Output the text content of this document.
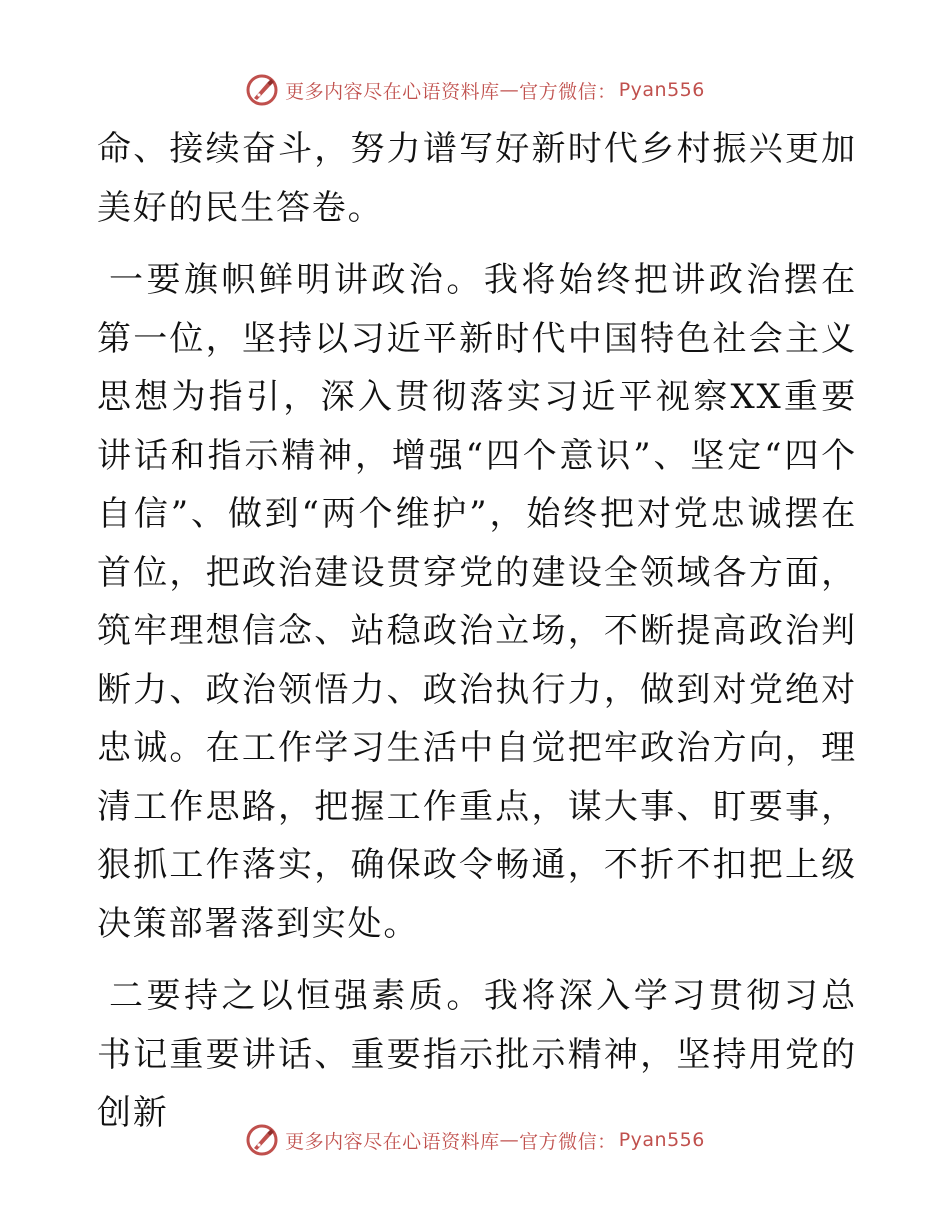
更多内容尽在心语资料库 — 官方微信： Pyan556

命、接续奋斗，努力谱写好新时代乡村振兴更加美好的民生答卷。

一要旗帜鲜明讲政治。我将始终把讲政治摆在第一位，坚持以习近平新时代中国特色社会主义思想为指引，深入贯彻落实习近平视察XX重要讲话和指示精神，增强“四个意识”、坚定“四个自信”、做到“两个维护”，始终把对党忠诚摆在首位，把政治建设贯穿党的建设全领域各方面，筑牢理想信念、站稳政治立场，不断提高政治判断力、政治领悟力、政治执行力，做到对党绝对忠诚。在工作学习生活中自觉把牢政治方向，理清工作思路，把握工作重点，谋大事、盯要事，狠抓工作落实，确保政令畅通，不折不扣把上级决策部署落到实处。

二要持之以恒强素质。我将深入学习贯彻习总书记重要讲话、重要指示批示精神，坚持用党的创新

更多内容尽在心语资料库 — 官方微信： Pyan556
